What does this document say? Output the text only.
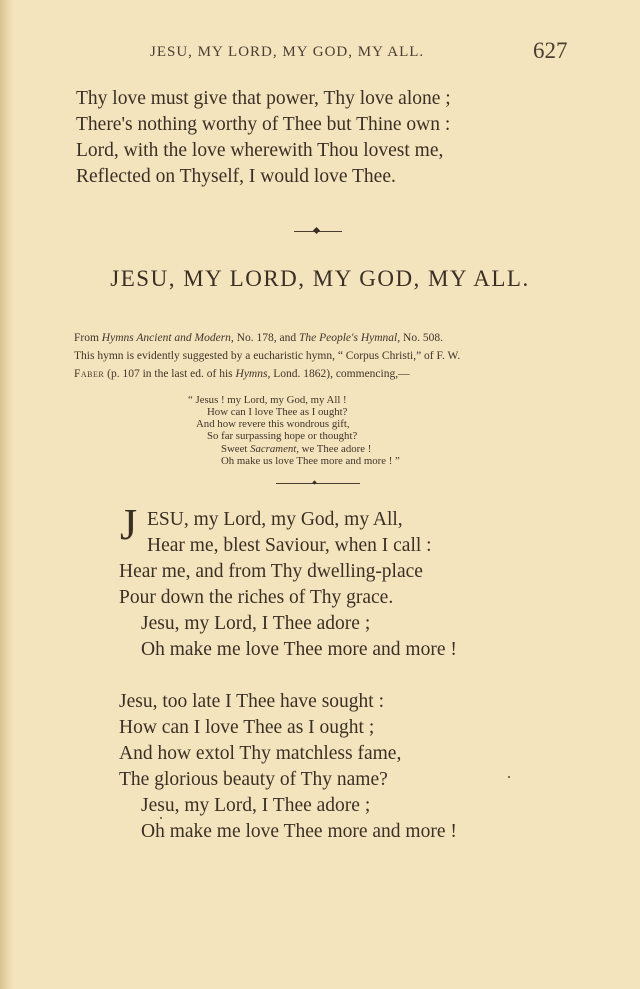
JESU, MY LORD, MY GOD, MY ALL.	627
Thy love must give that power, Thy love alone ;
There's nothing worthy of Thee but Thine own :
Lord, with the love wherewith Thou lovest me,
Reflected on Thyself, I would love Thee.
JESU, MY LORD, MY GOD, MY ALL.
From Hymns Ancient and Modern, No. 178, and The People's Hymnal, No. 508.
This hymn is evidently suggested by a eucharistic hymn, “ Corpus Christi,” of F. W.
Faber (p. 107 in the last ed. of his Hymns, Lond. 1862), commencing,—
“ Jesus ! my Lord, my God, my All !
How can I love Thee as I ought?
And how revere this wondrous gift,
So far surpassing hope or thought?
Sweet Sacrament, we Thee adore !
Oh make us love Thee more and more ! ”
J ESU, my Lord, my God, my All,
Hear me, blest Saviour, when I call :
Hear me, and from Thy dwelling-place
Pour down the riches of Thy grace.
Jesu, my Lord, I Thee adore ;
Oh make me love Thee more and more !
Jesu, too late I Thee have sought :
How can I love Thee as I ought ;
And how extol Thy matchless fame,
The glorious beauty of Thy name?
Jesu, my Lord, I Thee adore ;
Oh make me love Thee more and more !
